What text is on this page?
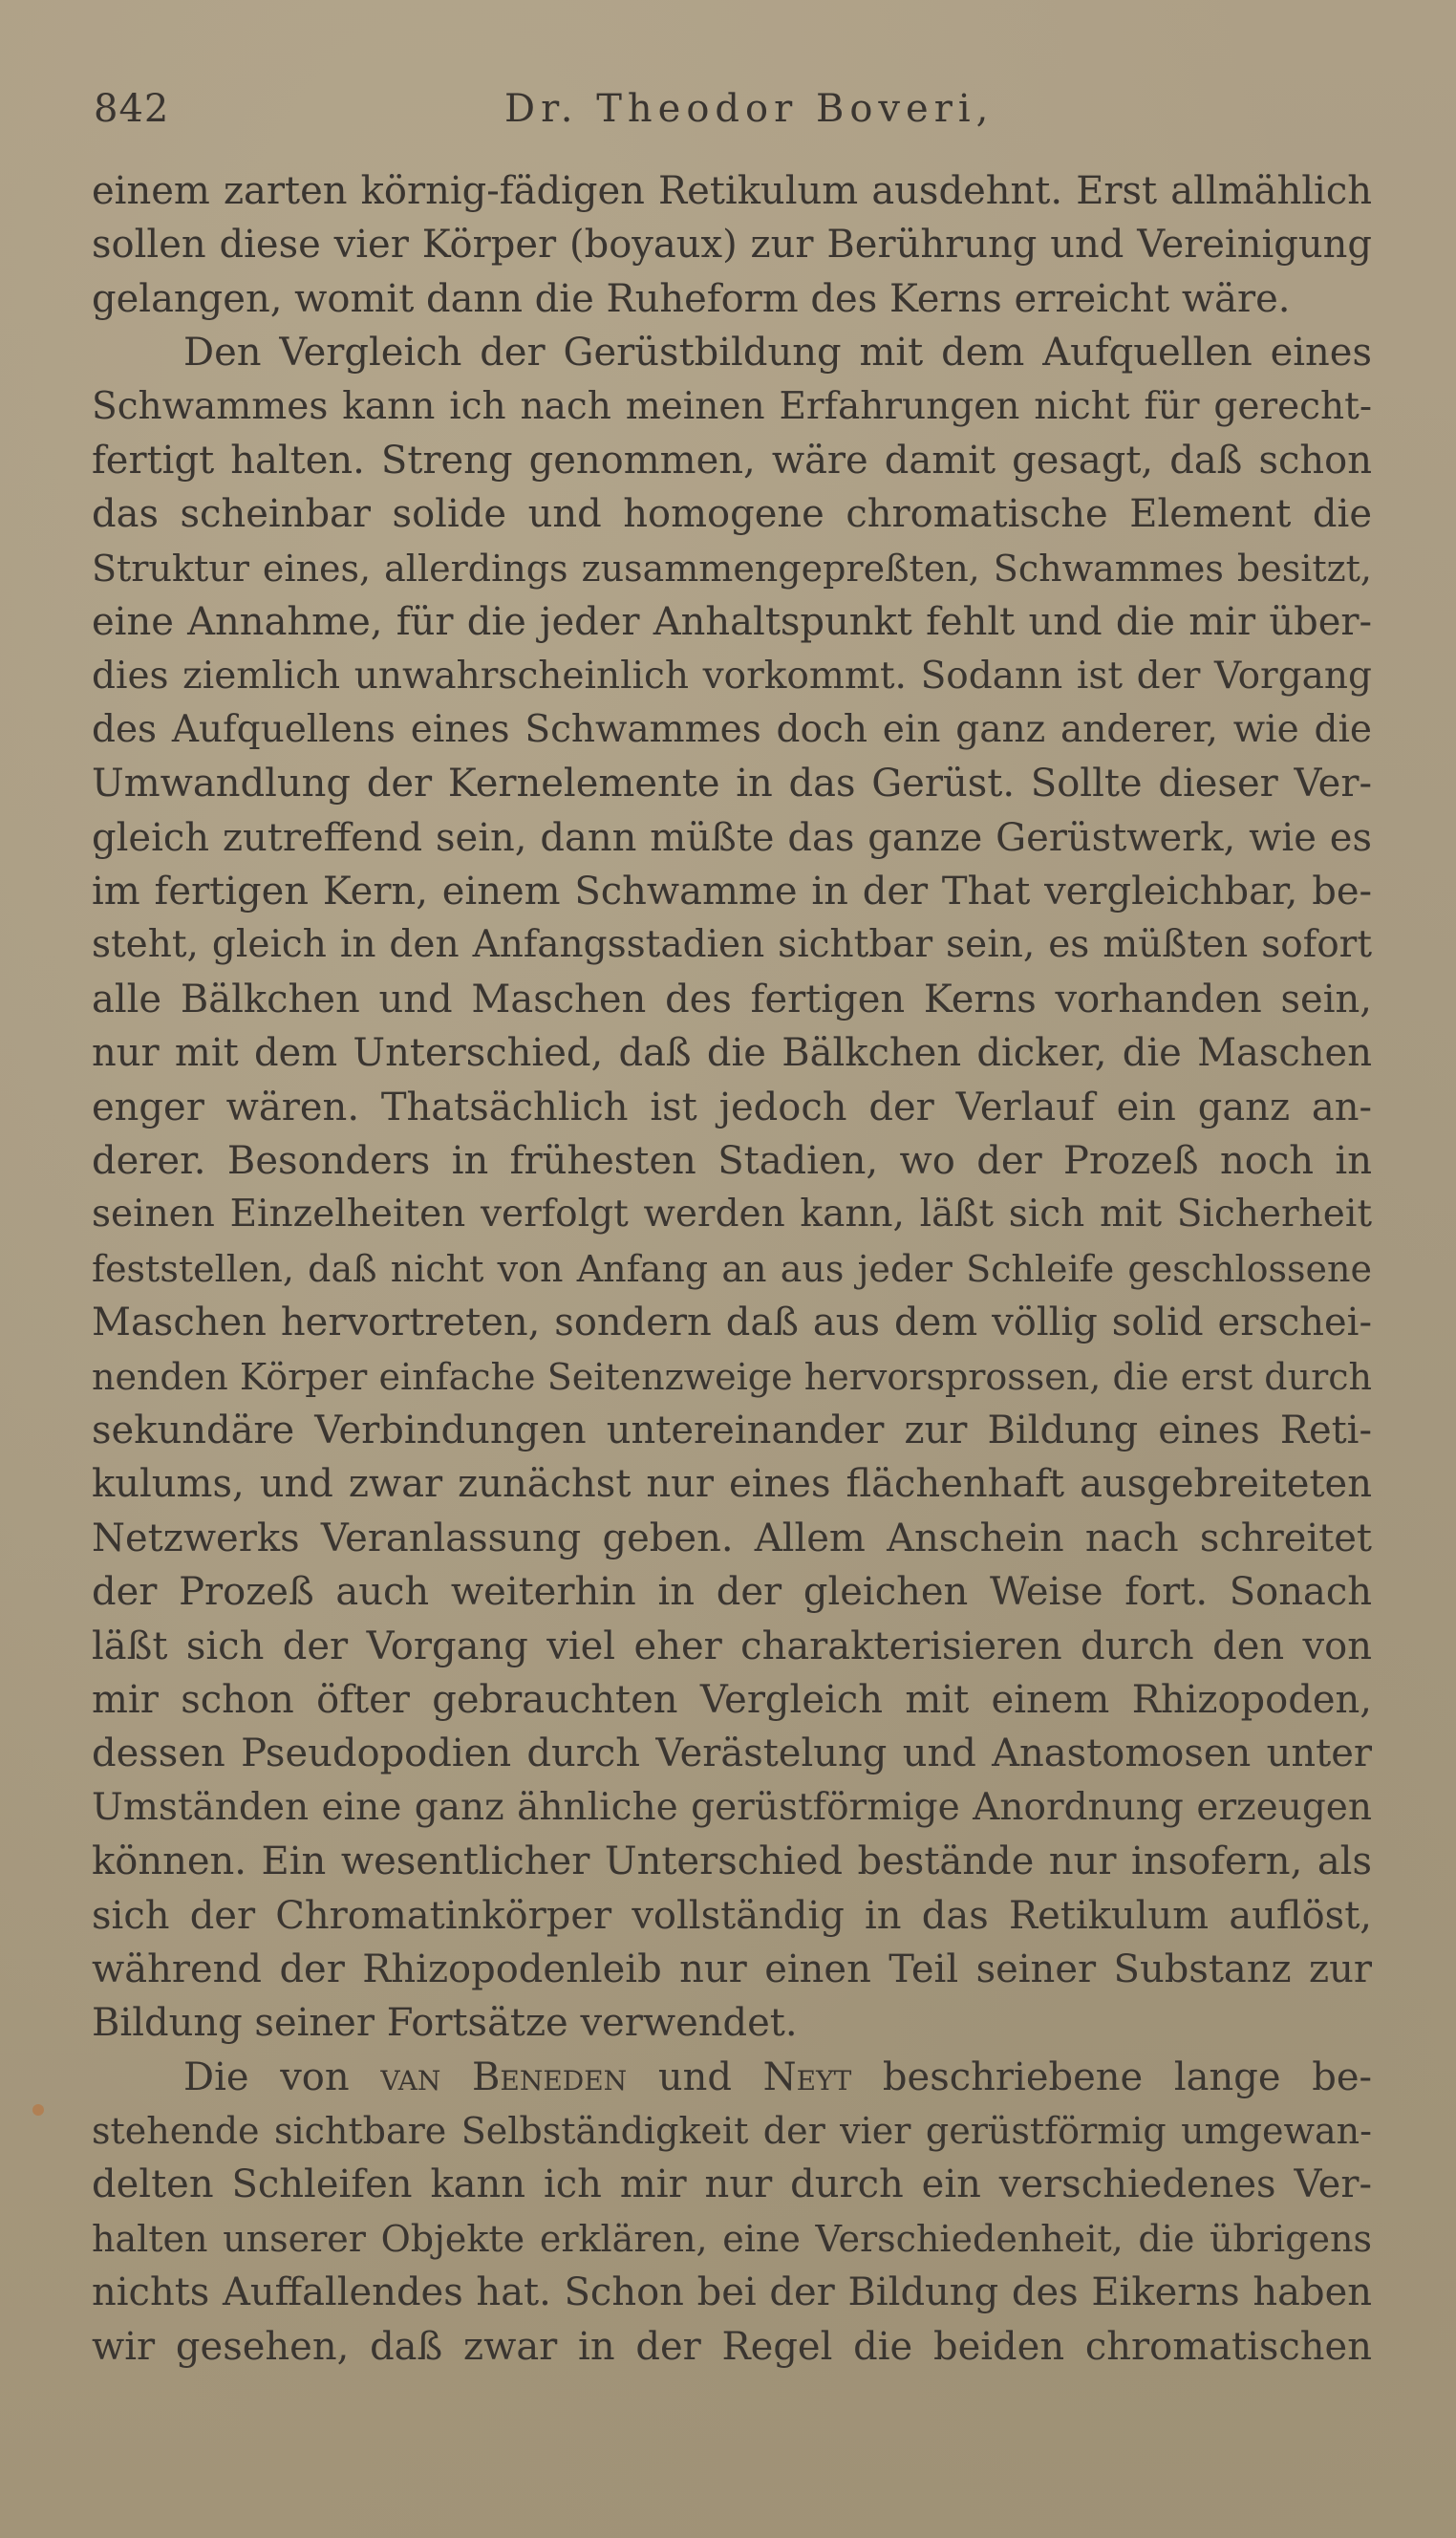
842	Dr. Theodor Boveri,
einem zarten körnig-fädigen Retikulum ausdehnt. Erst allmählich
sollen diese vier Körper (boyaux) zur Berührung und Vereinigung
gelangen, womit dann die Ruheform des Kerns erreicht wäre.
Den Vergleich der Gerüstbildung mit dem Aufquellen eines
Schwammes kann ich nach meinen Erfahrungen nicht für gerecht-
fertigt halten. Streng genommen, wäre damit gesagt, daß schon
das scheinbar solide und homogene chromatische Element die
Struktur eines, allerdings zusammengepreßten, Schwammes besitzt,
eine Annahme, für die jeder Anhaltspunkt fehlt und die mir über-
dies ziemlich unwahrscheinlich vorkommt. Sodann ist der Vorgang
des Aufquellens eines Schwammes doch ein ganz anderer, wie die
Umwandlung der Kernelemente in das Gerüst. Sollte dieser Ver-
gleich zutreffend sein, dann müßte das ganze Gerüstwerk, wie es
im fertigen Kern, einem Schwamme in der That vergleichbar, be-
steht, gleich in den Anfangsstadien sichtbar sein, es müßten sofort
alle Bälkchen und Maschen des fertigen Kerns vorhanden sein,
nur mit dem Unterschied, daß die Bälkchen dicker, die Maschen
enger wären. Thatsächlich ist jedoch der Verlauf ein ganz an-
derer. Besonders in frühesten Stadien, wo der Prozeß noch in
seinen Einzelheiten verfolgt werden kann, läßt sich mit Sicherheit
feststellen, daß nicht von Anfang an aus jeder Schleife geschlossene
Maschen hervortreten, sondern daß aus dem völlig solid erschei-
nenden Körper einfache Seitenzweige hervorsprossen, die erst durch
sekundäre Verbindungen untereinander zur Bildung eines Reti-
kulums, und zwar zunächst nur eines flächenhaft ausgebreiteten
Netzwerks Veranlassung geben. Allem Anschein nach schreitet
der Prozeß auch weiterhin in der gleichen Weise fort. Sonach
läßt sich der Vorgang viel eher charakterisieren durch den von
mir schon öfter gebrauchten Vergleich mit einem Rhizopoden,
dessen Pseudopodien durch Verästelung und Anastomosen unter
Umständen eine ganz ähnliche gerüstförmige Anordnung erzeugen
können. Ein wesentlicher Unterschied bestände nur insofern, als
sich der Chromatinkörper vollständig in das Retikulum auflöst,
während der Rhizopodenleib nur einen Teil seiner Substanz zur
Bildung seiner Fortsätze verwendet.
Die von van Beneden und Neyt beschriebene lange be-
stehende sichtbare Selbständigkeit der vier gerüstförmig umgewan-
delten Schleifen kann ich mir nur durch ein verschiedenes Ver-
halten unserer Objekte erklären, eine Verschiedenheit, die übrigens
nichts Auffallendes hat. Schon bei der Bildung des Eikerns haben
wir gesehen, daß zwar in der Regel die beiden chromatischen
